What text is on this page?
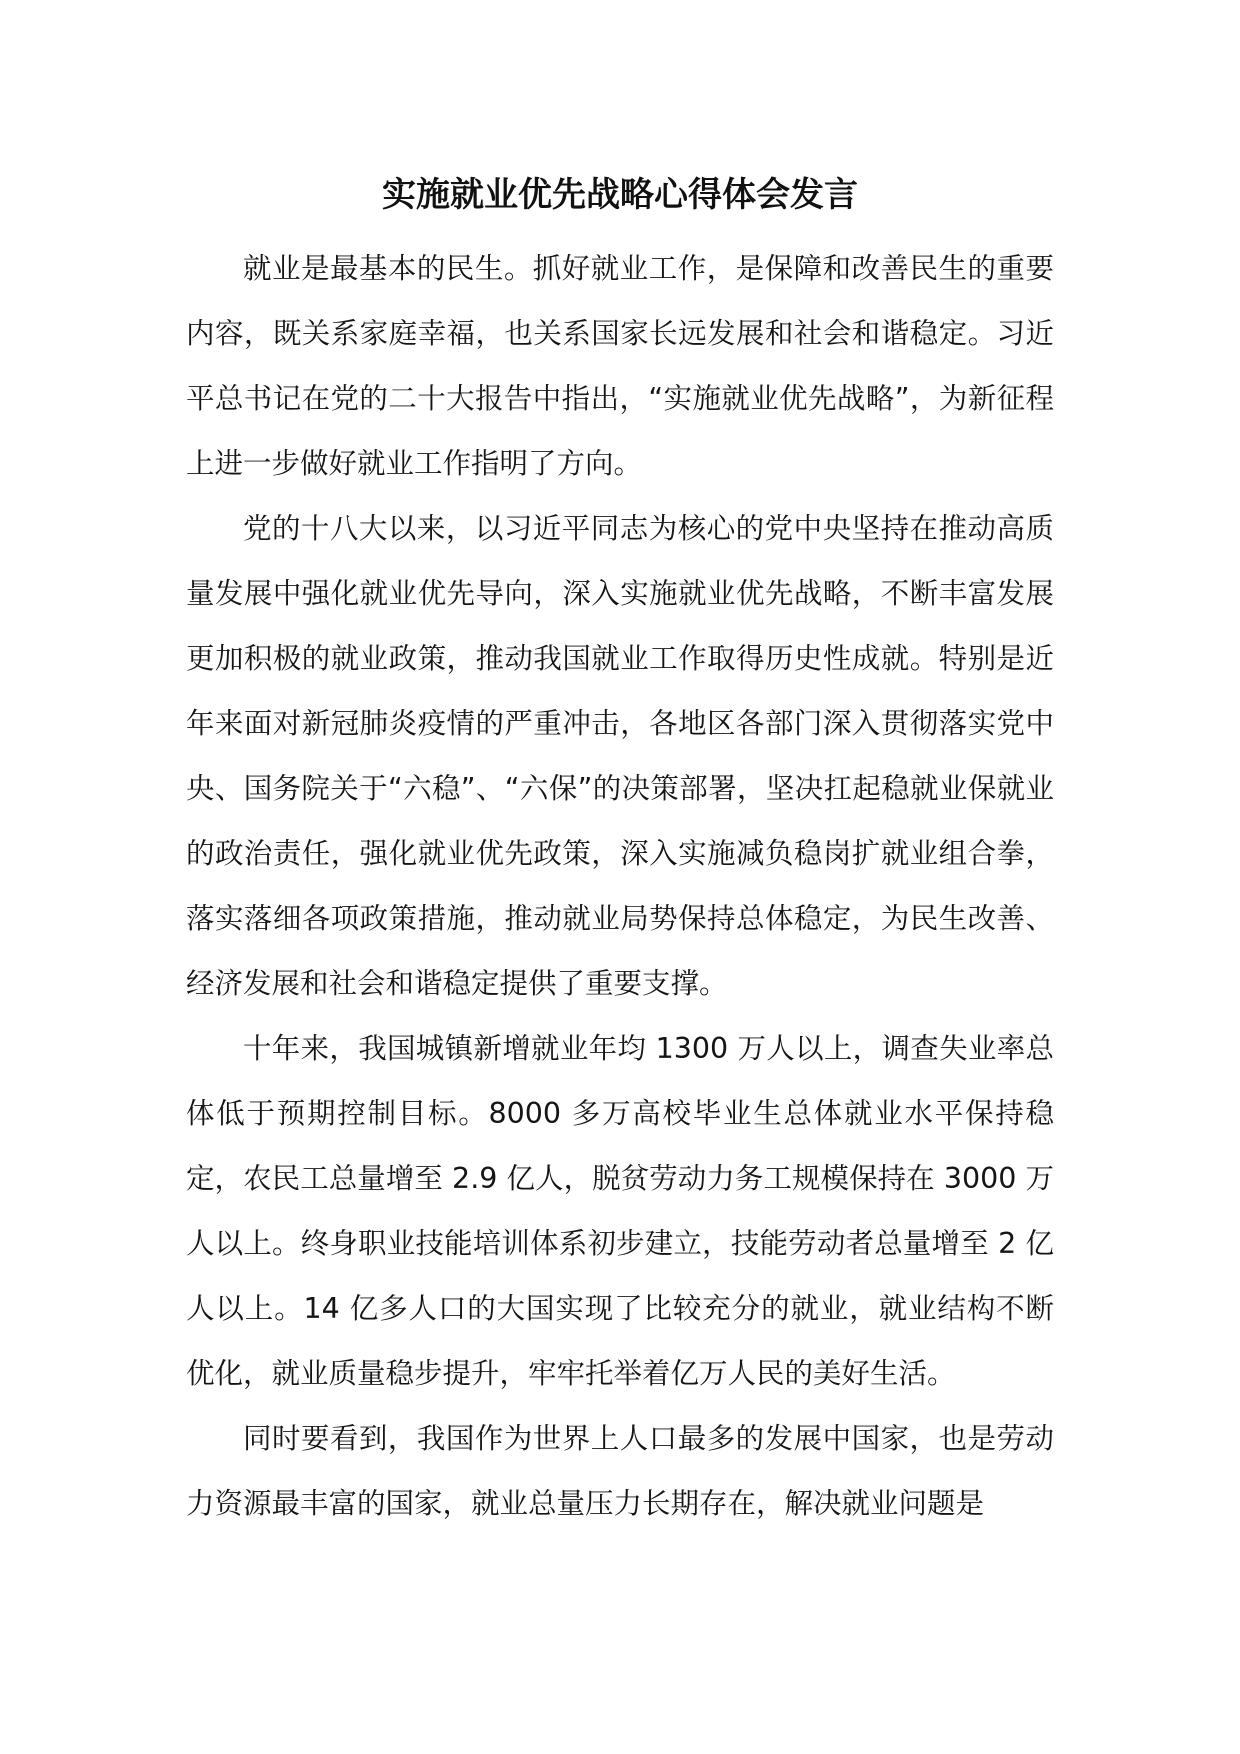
实施就业优先战略心得体会发言

就业是最基本的民生。抓好就业工作，是保障和改善民生的重要内容，既关系家庭幸福，也关系国家长远发展和社会和谐稳定。习近平总书记在党的二十大报告中指出，“实施就业优先战略”，为新征程上进一步做好就业工作指明了方向。

党的十八大以来，以习近平同志为核心的党中央坚持在推动高质量发展中强化就业优先导向，深入实施就业优先战略，不断丰富发展更加积极的就业政策，推动我国就业工作取得历史性成就。特别是近年来面对新冠肺炎疫情的严重冲击，各地区各部门深入贯彻落实党中央、国务院关于“六稳”、“六保”的决策部署，坚决扛起稳就业保就业的政治责任，强化就业优先政策，深入实施减负稳岗扩就业组合拳，落实落细各项政策措施，推动就业局势保持总体稳定，为民生改善、经济发展和社会和谐稳定提供了重要支撑。

十年来，我国城镇新增就业年均 1300 万人以上，调查失业率总体低于预期控制目标。8000 多万高校毕业生总体就业水平保持稳定，农民工总量增至 2.9 亿人，脱贫劳动力务工规模保持在 3000 万人以上。终身职业技能培训体系初步建立，技能劳动者总量增至 2 亿人以上。14 亿多人口的大国实现了比较充分的就业，就业结构不断优化，就业质量稳步提升，牢牢托举着亿万人民的美好生活。

同时要看到，我国作为世界上人口最多的发展中国家，也是劳动力资源最丰富的国家，就业总量压力长期存在，解决就业问题是
